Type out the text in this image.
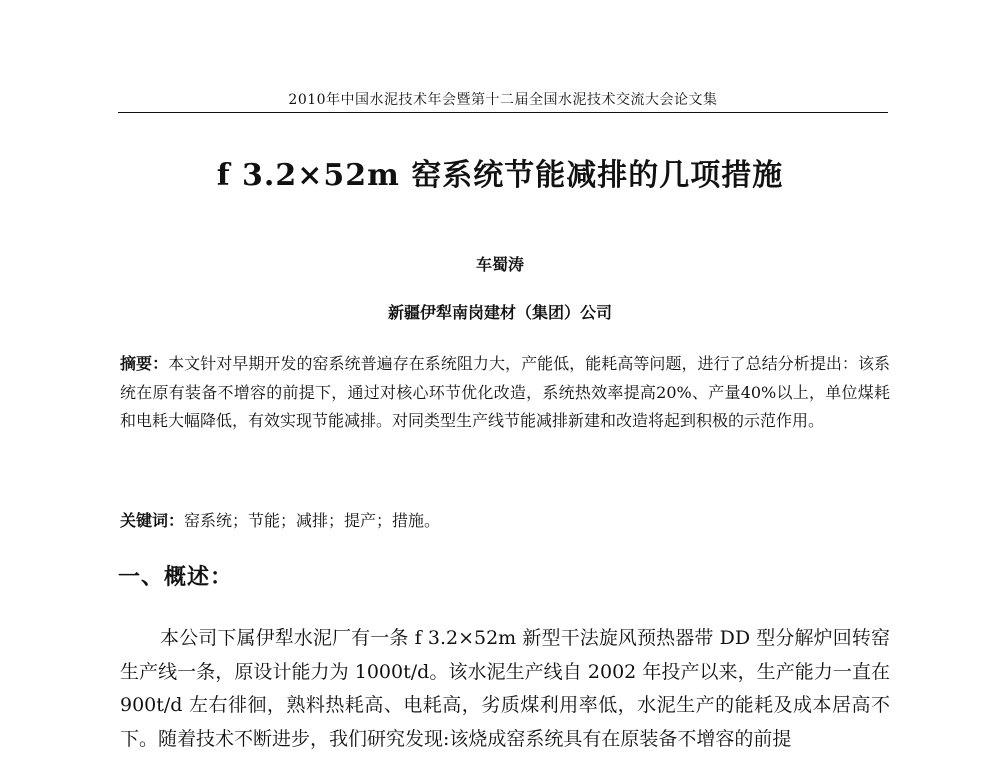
2010年中国水泥技术年会暨第十二届全国水泥技术交流大会论文集
f 3.2×52m 窑系统节能减排的几项措施
车蜀涛
新疆伊犁南岗建材（集团）公司
摘要：本文针对早期开发的窑系统普遍存在系统阻力大，产能低，能耗高等问题，进行了总结分析提出：该系统在原有装备不增容的前提下，通过对核心环节优化改造，系统热效率提高20%、产量40%以上，单位煤耗和电耗大幅降低，有效实现节能减排。对同类型生产线节能减排新建和改造将起到积极的示范作用。
关键词：窑系统；节能；减排；提产；措施。
一、概述：
本公司下属伊犁水泥厂有一条 f 3.2×52m 新型干法旋风预热器带 DD 型分解炉回转窑生产线一条，原设计能力为 1000t/d。该水泥生产线自 2002 年投产以来，生产能力一直在 900t/d 左右徘徊，熟料热耗高、电耗高，劣质煤利用率低，水泥生产的能耗及成本居高不下。随着技术不断进步，我们研究发现:该烧成窑系统具有在原装备不增容的前提
